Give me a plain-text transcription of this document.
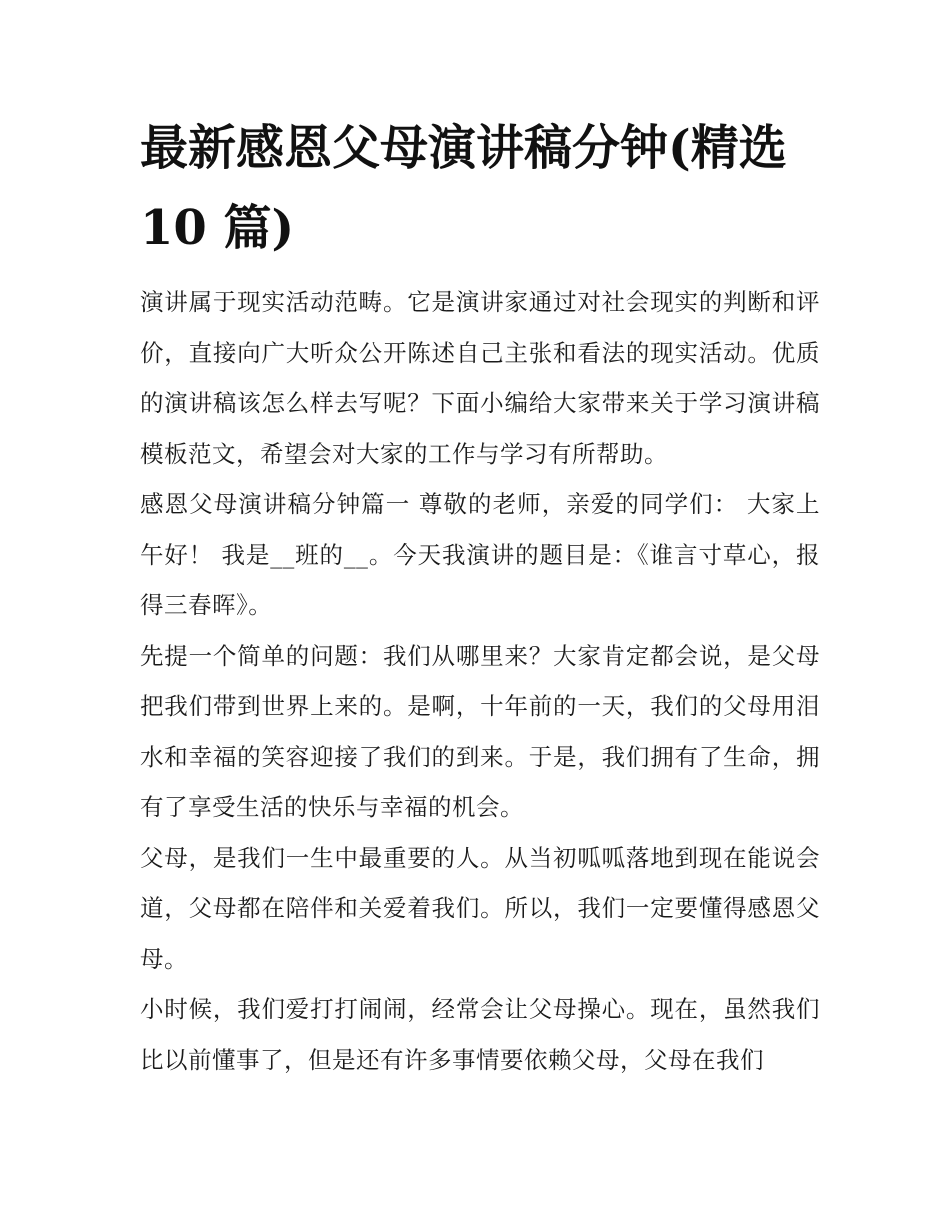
最新感恩父母演讲稿分钟(精选 10 篇)

演讲属于现实活动范畴。它是演讲家通过对社会现实的判断和评价，直接向广大听众公开陈述自己主张和看法的现实活动。优质的演讲稿该怎么样去写呢？下面小编给大家带来关于学习演讲稿模板范文，希望会对大家的工作与学习有所帮助。

感恩父母演讲稿分钟篇一 尊敬的老师，亲爱的同学们： 大家上午好！ 我是__班的__。今天我演讲的题目是：《谁言寸草心，报得三春晖》。

先提一个简单的问题：我们从哪里来？大家肯定都会说，是父母把我们带到世界上来的。是啊，十年前的一天，我们的父母用泪水和幸福的笑容迎接了我们的到来。于是，我们拥有了生命，拥有了享受生活的快乐与幸福的机会。

父母，是我们一生中最重要的人。从当初呱呱落地到现在能说会道，父母都在陪伴和关爱着我们。所以，我们一定要懂得感恩父母。

小时候，我们爱打打闹闹，经常会让父母操心。现在，虽然我们比以前懂事了，但是还有许多事情要依赖父母，父母在我们
